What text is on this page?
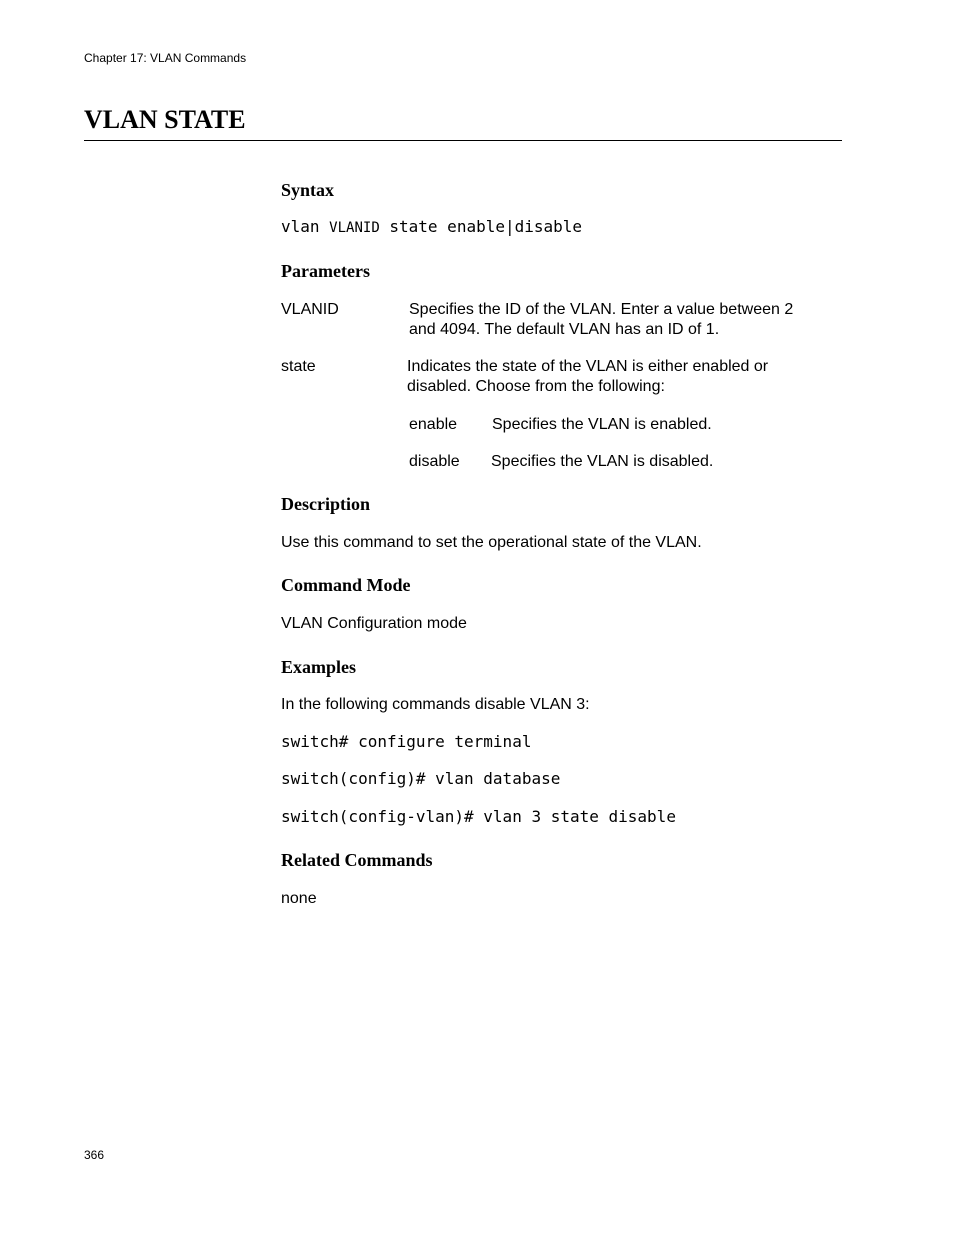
Chapter 17: VLAN Commands
VLAN STATE
Syntax
vlan VLANID state enable|disable
Parameters
VLANID	Specifies the ID of the VLAN. Enter a value between 2
and 4094. The default VLAN has an ID of 1.
state	Indicates the state of the VLAN is either enabled or
disabled. Choose from the following:
enable Specifies the VLAN is enabled.
disable Specifies the VLAN is disabled.
Description
Use this command to set the operational state of the VLAN.
Command Mode
VLAN Configuration mode
Examples
In the following commands disable VLAN 3:
switch# configure terminal
switch(config)# vlan database
switch(config-vlan)# vlan 3 state disable
Related Commands
none
366
